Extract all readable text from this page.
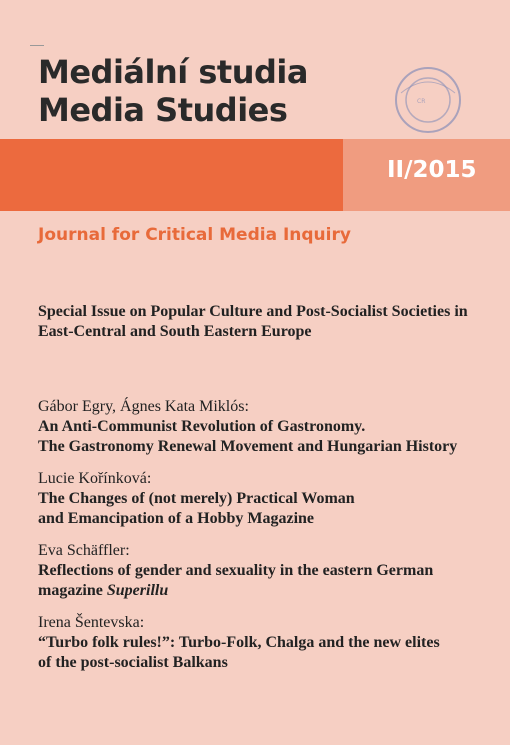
Mediální studia
Media Studies	ČR
II/2015

Journal for Critical Media Inquiry

Special Issue on Popular Culture and Post-Socialist Societies in East-Central and South Eastern Europe

Gábor Egry, Ágnes Kata Miklós:
An Anti-Communist Revolution of Gastronomy.
The Gastronomy Renewal Movement and Hungarian History
Lucie Kořínková:
The Changes of (not merely) Practical Woman
and Emancipation of a Hobby Magazine
Eva Schäffler:
Reflections of gender and sexuality in the eastern German
magazine Superillu
Irena Šentevska:
“Turbo folk rules!”: Turbo-Folk, Chalga and the new elites
of the post-socialist Balkans
